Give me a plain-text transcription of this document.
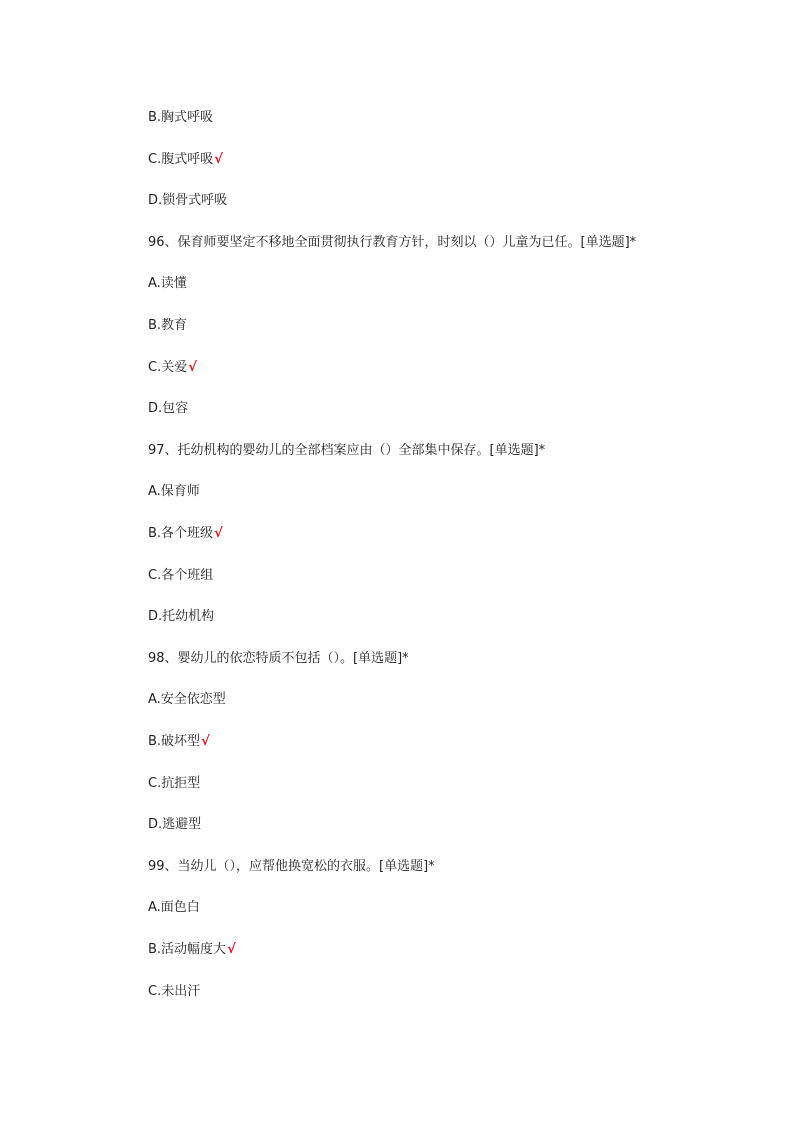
B.胸式呼吸
C.腹式呼吸√
D.锁骨式呼吸
96、保育师要坚定不移地全面贯彻执行教育方针，时刻以（）儿童为已任。[单选题]*
A.读懂
B.教育
C.关爱√
D.包容
97、托幼机构的婴幼儿的全部档案应由（）全部集中保存。[单选题]*
A.保育师
B.各个班级√
C.各个班组
D.托幼机构
98、婴幼儿的依恋特质不包括（）。[单选题]*
A.安全依恋型
B.破坏型√
C.抗拒型
D.逃避型
99、当幼儿（），应帮他换宽松的衣服。[单选题]*
A.面色白
B.活动幅度大√
C.未出汗
